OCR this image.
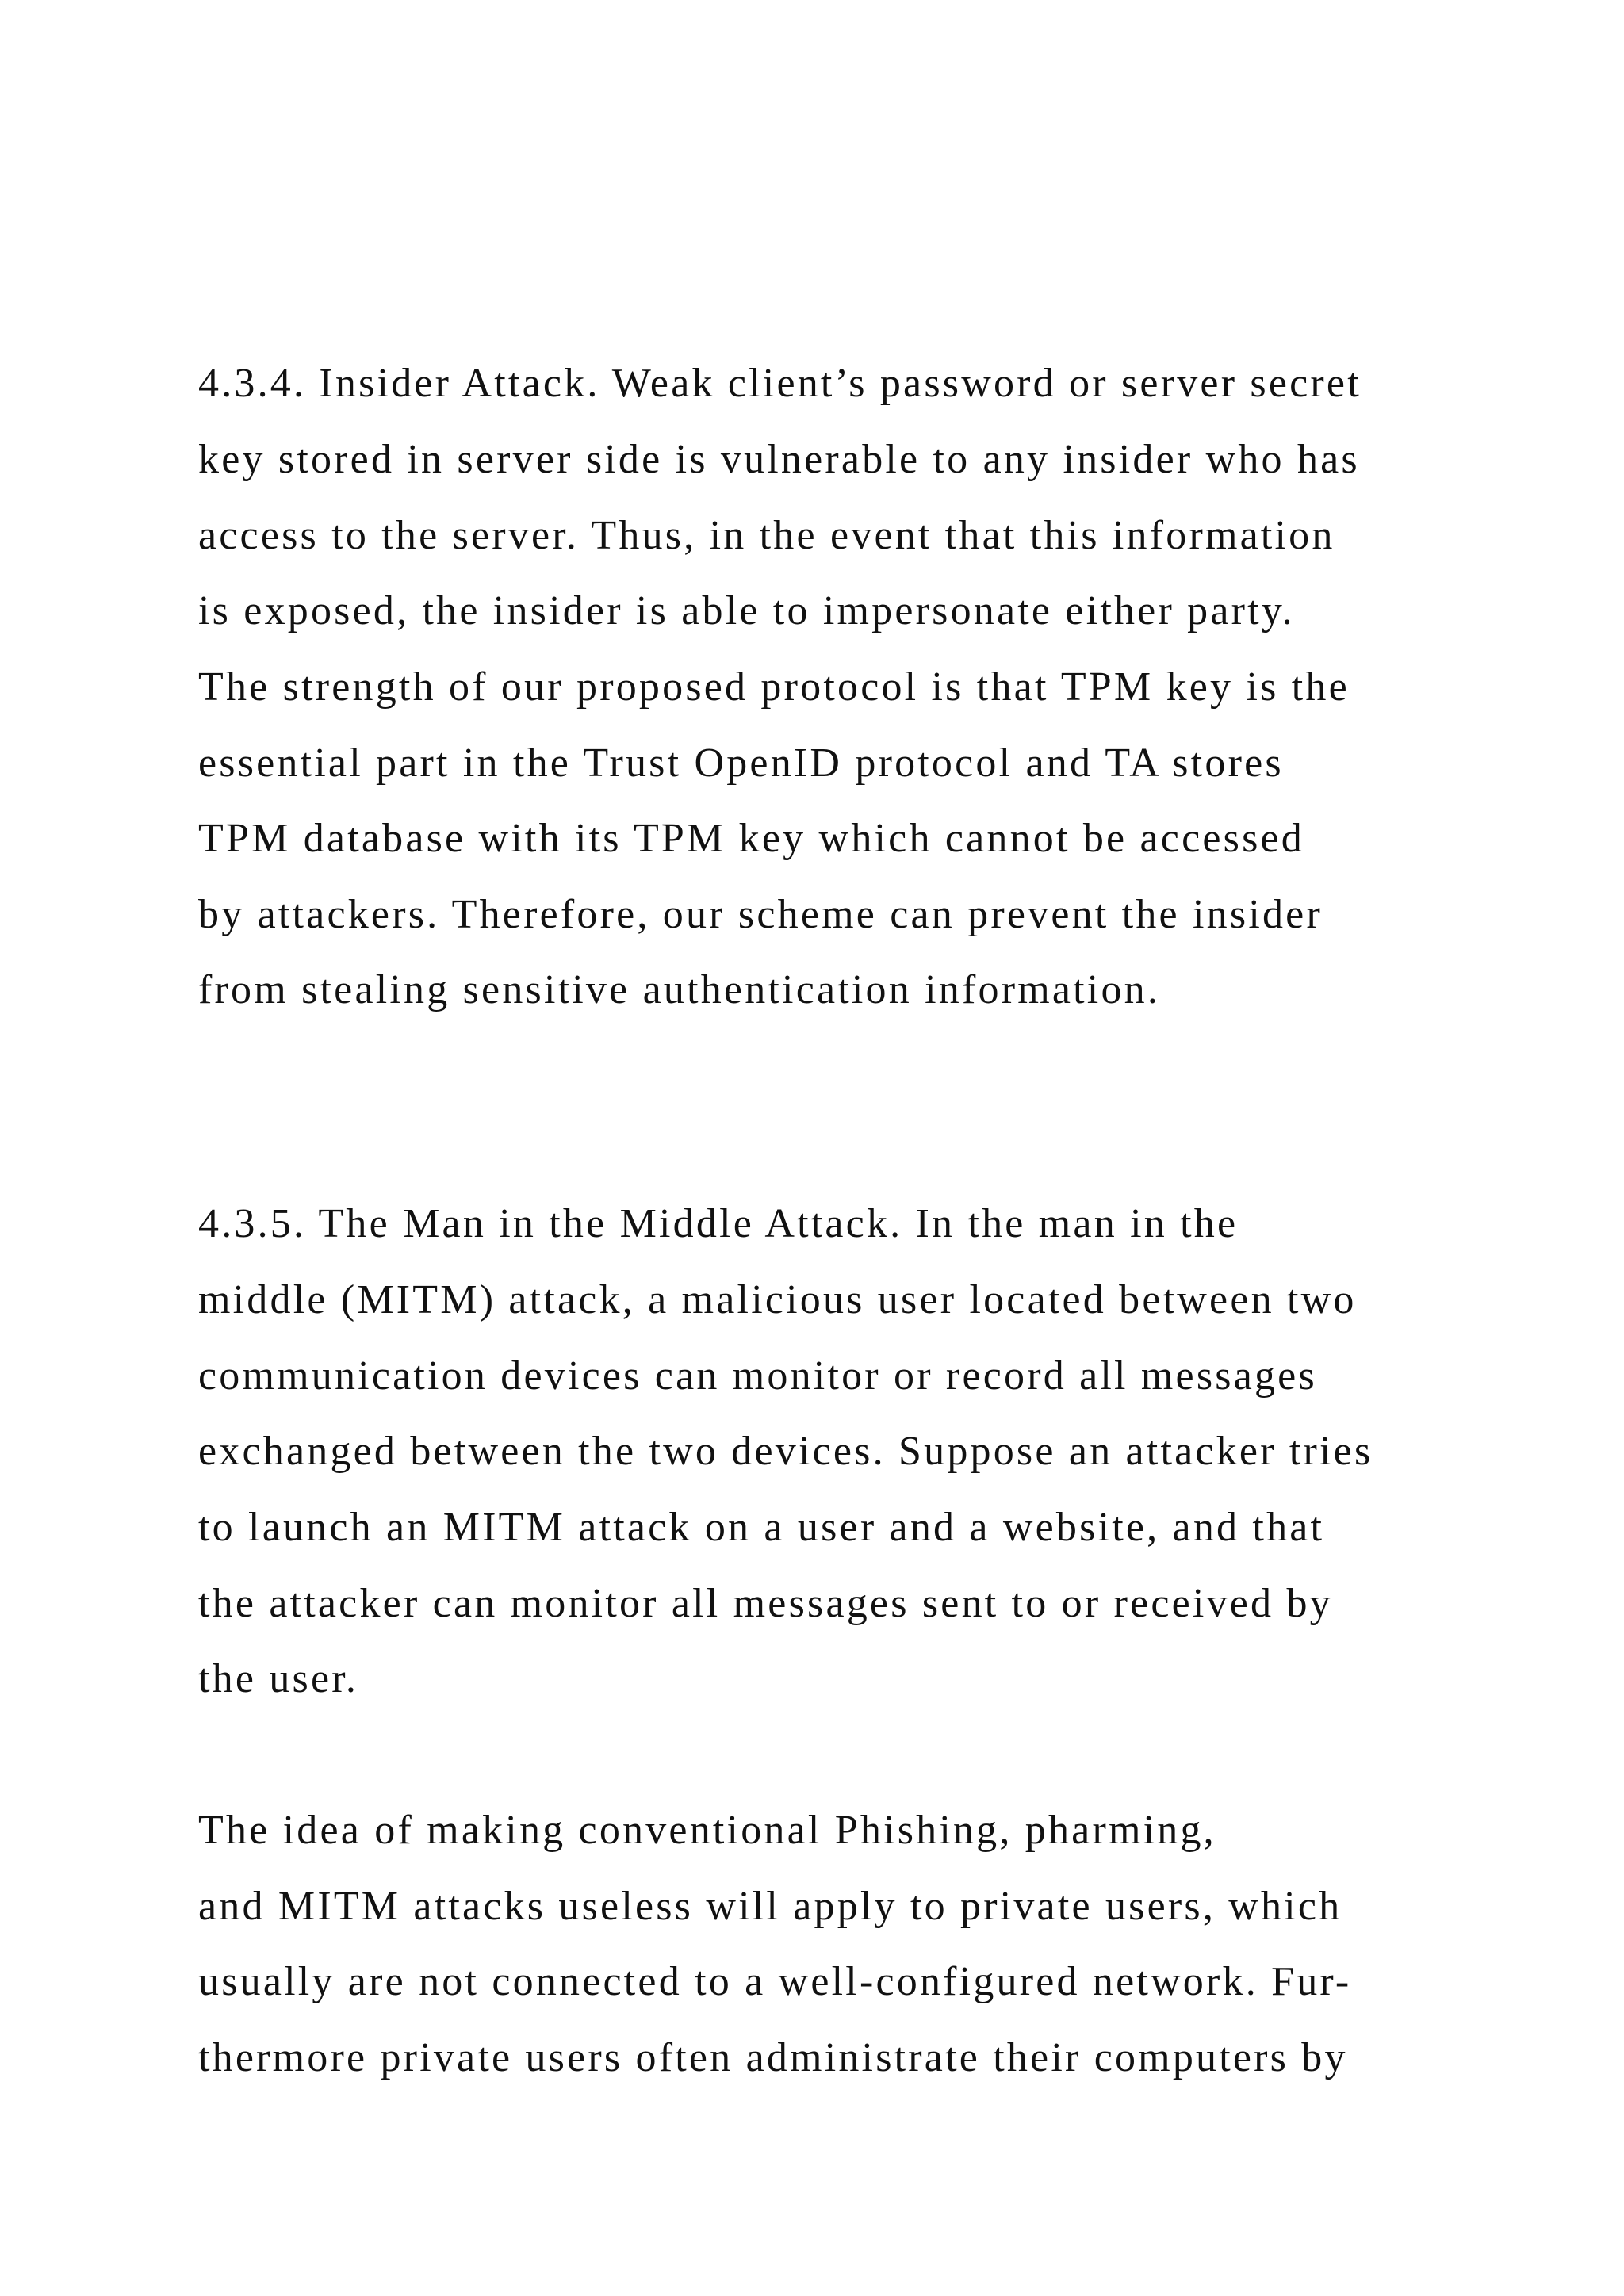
4.3.4. Insider Attack. Weak client’s password or server secret
key stored in server side is vulnerable to any insider who has
access to the server. Thus, in the event that this information
is exposed, the insider is able to impersonate either party.
The strength of our proposed protocol is that TPM key is the
essential part in the Trust OpenID protocol and TA stores
TPM database with its TPM key which cannot be accessed
by attackers. Therefore, our scheme can prevent the insider
from stealing sensitive authentication information.
4.3.5. The Man in the Middle Attack. In the man in the
middle (MITM) attack, a malicious user located between two
communication devices can monitor or record all messages
exchanged between the two devices. Suppose an attacker tries
to launch an MITM attack on a user and a website, and that
the attacker can monitor all messages sent to or received by
the user.
The idea of making conventional Phishing, pharming,
and MITM attacks useless will apply to private users, which
usually are not connected to a well-configured network. Fur-
thermore private users often administrate their computers by
